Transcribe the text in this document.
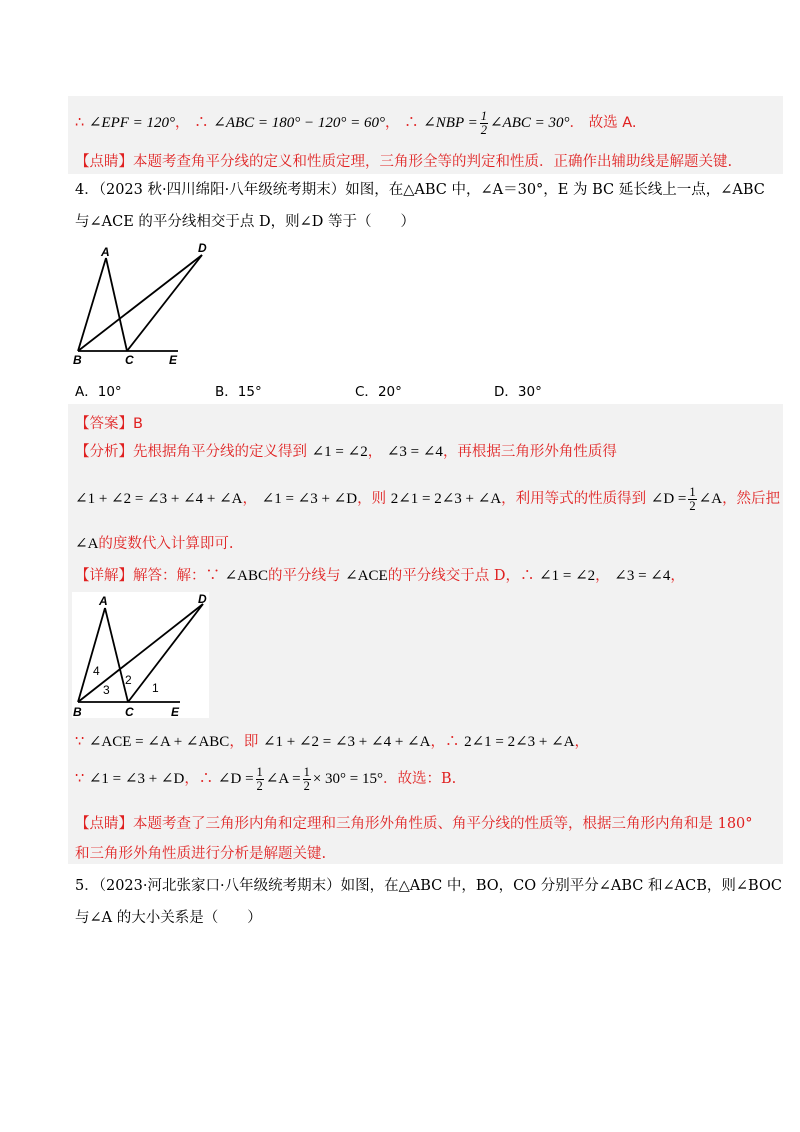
∴ ∠EPF = 120°， ∴ ∠ABC = 180° − 120° = 60°， ∴ ∠NBP = $\frac{1}{2}$ ∠ABC = 30°． 故选 A.
【点睛】本题考查角平分线的定义和性质定理，三角形全等的判定和性质．正确作出辅助线是解题关键.
4．（2023 秋·四川绵阳·八年级统考期末）如图，在△ABC 中，∠A＝30°，E 为 BC 延长线上一点，∠ABC
与∠ACE 的平分线相交于点 D，则∠D 等于（　　）
A	D
B	C	E
A．10°	B．15°	C．20°	D．30°
【答案】B
【分析】先根据角平分线的定义得到 ∠1 = ∠2， ∠3 = ∠4，再根据三角形外角性质得
∠1 + ∠2 = ∠3 + ∠4 + ∠A， ∠1 = ∠3 + ∠D，则 2∠1 = 2∠3 + ∠A，利用等式的性质得到 ∠D = $\frac{1}{2}$ ∠A，然后把
∠A的度数代入计算即可.
【详解】解答：解：∵ ∠ABC的平分线与 ∠ACE的平分线交于点 D，∴ ∠1 = ∠2， ∠3 = ∠4，
A	D
B	C	E
4
3
2
1
∵ ∠ACE = ∠A + ∠ABC，即 ∠1 + ∠2 = ∠3 + ∠4 + ∠A，∴ 2∠1 = 2∠3 + ∠A，
∵ ∠1 = ∠3 + ∠D，∴ ∠D = $\frac{1}{2}$ ∠A = $\frac{1}{2} \times 30^\circ = 15^\circ$．故选：B.
【点睛】本题考查了三角形内角和定理和三角形外角性质、角平分线的性质等，根据三角形内角和是 180°
和三角形外角性质进行分析是解题关键.
5．（2023·河北张家口·八年级统考期末）如图，在△ABC 中，BO，CO 分别平分∠ABC 和∠ACB，则∠BOC
与∠A 的大小关系是（　　）
